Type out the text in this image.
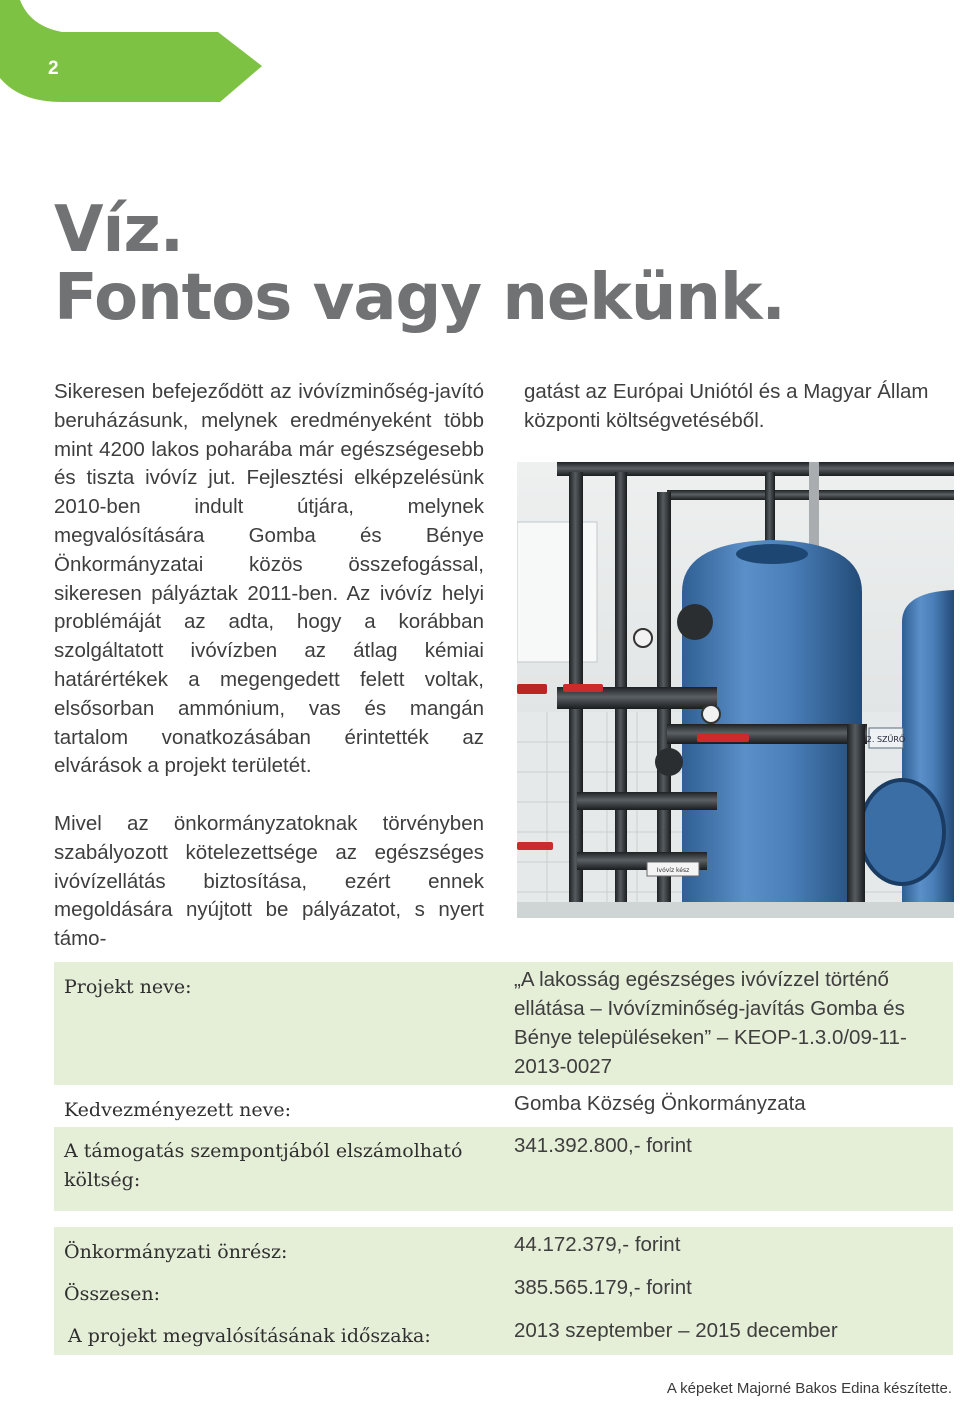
2
Víz.
Fontos vagy nekünk.

Sikeresen befejeződött az ivóvízminőség-javító beruházásunk, melynek eredményeként több mint 4200 lakos poharába már egészségesebb és tiszta ivóvíz jut. Fejlesztési elképzelésünk 2010-ben indult útjára, melynek megvalósítására Gomba és Bénye Önkormányzatai közös összefogással, sikeresen pályáztak 2011-ben. Az ivóvíz helyi problémáját az adta, hogy a korábban szolgáltatott ivóvízben az átlag kémiai határértékek a megengedett felett voltak, elsősorban ammónium, vas és mangán tartalom vonatkozásában érintették az elvárások a projekt területét.

Mivel az önkormányzatoknak törvényben szabályozott kötelezettsége az egészséges ivóvízellátás biztosítása, ezért ennek megoldására nyújtott be pályázatot, s nyert támo-

gatást az Európai Uniótól és a Magyar Állam központi költségvetéséből.

2. SZŰRŐ
Ivóvíz kész

Projekt neve:	„A lakosság egészséges ivóvízzel történő ellátása – Ivóvízminőség-javítás Gomba és Bénye településeken” – KEOP-1.3.0/09-11-2013-0027

Kedvezményezett neve:	Gomba Község Önkormányzata

A támogatás szempontjából elszámolható költség:

341.392.800,- forint

Önkormányzati önrész:	44.172.379,- forint

Összesen:	385.565.179,- forint

A projekt megvalósításának időszaka:	2013 szeptember – 2015 december

A képeket Majorné Bakos Edina készítette.
